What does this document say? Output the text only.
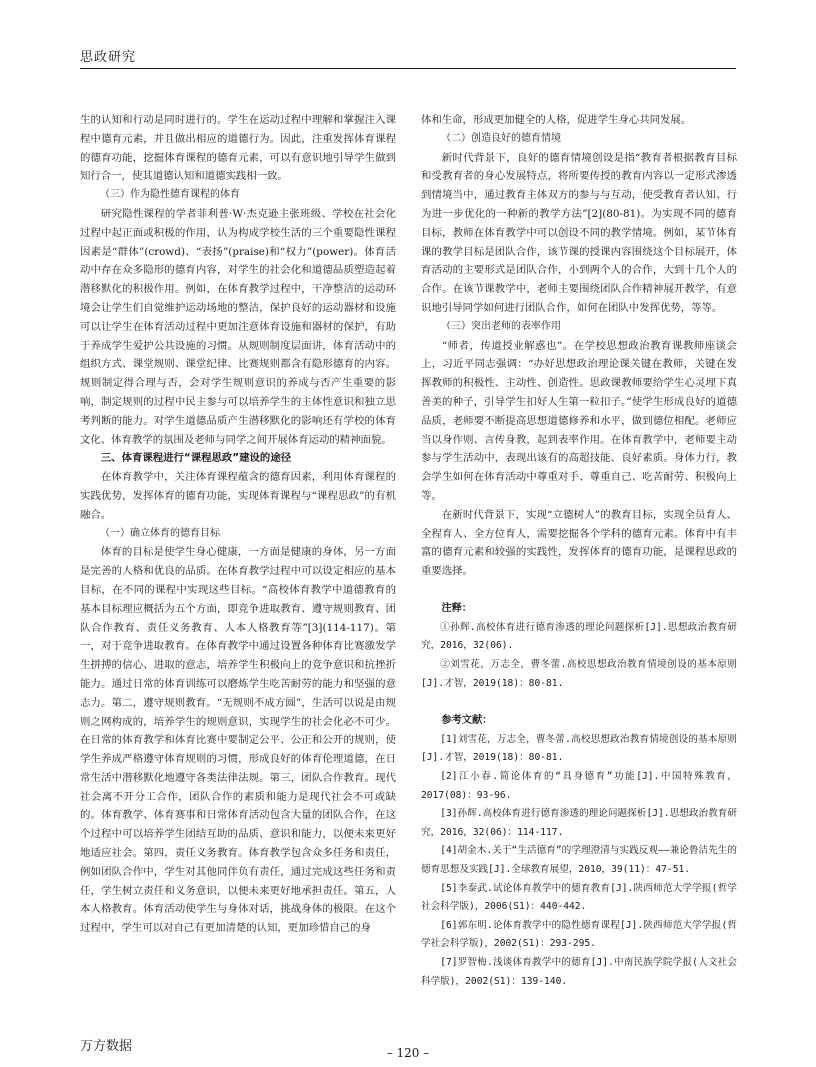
思政研究

生的认知和行动是同时进行的。学生在运动过程中理解和掌握注入课程中德育元素，并且做出相应的道德行为。因此，注重发挥体育课程的德育功能，挖掘体育课程的德育元素，可以有意识地引导学生做到知行合一，使其道德认知和道德实践相一致。

（三）作为隐性德育课程的体育

研究隐性课程的学者菲利普·W·杰克逊主张班级、学校在社会化过程中起正面或积极的作用，认为构成学校生活的三个重要隐性课程因素是“群体”(crowd)、“表扬”(praise)和“权力”(power)。体育活动中存在众多隐形的德育内容，对学生的社会化和道德品质塑造起着潜移默化的积极作用。例如，在体育教学过程中，干净整洁的运动环境会让学生们自觉维护运动场地的整洁，保护良好的运动器材和设施可以让学生在体育活动过程中更加注意体育设施和器材的保护，有助于养成学生爱护公共设施的习惯。从规则制度层面讲，体育活动中的组织方式、课堂规则、课堂纪律、比赛规则都含有隐形德育的内容。规则制定得合理与否，会对学生规则意识的养成与否产生重要的影响，制定规则的过程中民主参与可以培养学生的主体性意识和独立思考判断的能力。对学生道德品质产生潜移默化的影响还有学校的体育文化、体育教学的氛围及老师与同学之间开展体育运动的精神面貌。

三、体育课程进行“课程思政”建设的途径

在体育教学中，关注体育课程蕴含的德育因素，利用体育课程的实践优势，发挥体育的德育功能，实现体育课程与“课程思政”的有机融合。

（一）确立体育的德育目标

体育的目标是使学生身心健康，一方面是健康的身体，另一方面是完善的人格和优良的品质。在体育教学过程中可以设定相应的基本目标，在不同的课程中实现这些目标。“高校体育教学中道德教育的基本目标理应概括为五个方面，即竞争进取教育、遵守规则教育、团队合作教育、责任义务教育、人本人格教育等”[3](114-117)。第一，对于竞争进取教育。在体育教学中通过设置各种体育比赛激发学生拼搏的信心、进取的意志，培养学生积极向上的竞争意识和抗挫折能力。通过日常的体育训练可以磨炼学生吃苦耐劳的能力和坚强的意志力。第二，遵守规则教育。“无规则不成方圆”，生活可以说是由规则之网构成的，培养学生的规则意识，实现学生的社会化必不可少。在日常的体育教学和体育比赛中要制定公平、公正和公开的规则，使学生养成严格遵守体育规则的习惯，形成良好的体育伦理道德，在日常生活中潜移默化地遵守各类法律法规。第三，团队合作教育。现代社会离不开分工合作，团队合作的素质和能力是现代社会不可或缺的。体育教学、体育赛事和日常体育活动包含大量的团队合作，在这个过程中可以培养学生团结互助的品质、意识和能力，以便未来更好地适应社会。第四，责任义务教育。体育教学包含众多任务和责任，例如团队合作中，学生对其他同伴负有责任，通过完成这些任务和责任，学生树立责任和义务意识，以便未来更好地承担责任。第五，人本人格教育。体育活动使学生与身体对话，挑战身体的极限。在这个过程中，学生可以对自己有更加清楚的认知，更加珍惜自己的身

体和生命，形成更加健全的人格，促进学生身心共同发展。

（二）创造良好的德育情境

新时代背景下，良好的德育情境创设是指“教育者根据教育目标和受教育者的身心发展特点，将所要传授的教育内容以一定形式渗透到情境当中，通过教育主体双方的参与与互动，使受教育者认知、行为进一步优化的一种新的教学方法”[2](80-81)。为实现不同的德育目标，教师在体育教学中可以创设不同的教学情境。例如，某节体育课的教学目标是团队合作，该节课的授课内容围绕这个目标展开，体育活动的主要形式是团队合作，小到两个人的合作，大到十几个人的合作。在该节课教学中，老师主要围绕团队合作精神展开教学，有意识地引导同学如何进行团队合作，如何在团队中发挥优势，等等。

（三）突出老师的表率作用

“师者，传道授业解惑也”。在学校思想政治教育课教师座谈会上，习近平同志强调：“办好思想政治理论课关键在教师，关键在发挥教师的积极性、主动性、创造性。思政课教师要给学生心灵埋下真善美的种子，引导学生扣好人生第一粒扣子。”使学生形成良好的道德品质，老师要不断提高思想道德修养和水平，做到德位相配。老师应当以身作则、言传身教，起到表率作用。在体育教学中，老师要主动参与学生活动中，表现出该有的高超技能、良好素质。身体力行，教会学生如何在体育活动中尊重对手、尊重自己、吃苦耐劳、积极向上等。

在新时代背景下，实现“立德树人”的教育目标，实现全员育人、全程育人、全方位育人，需要挖掘各个学科的德育元素。体育中有丰富的德育元素和较强的实践性，发挥体育的德育功能，是课程思政的重要选择。

注释：

①孙辉.高校体育进行德育渗透的理论问题探析[J].思想政治教育研究，2016，32(06).

②刘雪花，万志全，曹冬蕾.高校思想政治教育情境创设的基本原则[J].才智，2019(18)：80-81.

参考文献：

[1]刘雪花，万志全，曹冬蕾.高校思想政治教育情境创设的基本原则[J].才智，2019(18)：80-81.

[2]江小春.简论体育的“具身德育”功能[J].中国特殊教育，2017(08)：93-96.

[3]孙辉.高校体育进行德育渗透的理论问题探析[J].思想政治教育研究，2016，32(06)：114-117.

[4]胡金木.关于“生活德育”的学理澄清与实践反观——兼论鲁洁先生的德育思想及实践[J].全球教育展望，2010，39(11)：47-51.

[5]李泰武.试论体育教学中的德育教育[J].陕西师范大学学报(哲学社会科学版)，2006(S1)：440-442.

[6]郭东明.论体育教学中的隐性德育课程[J].陕西师范大学学报(哲学社会科学版)，2002(S1)：293-295.

[7]罗智梅.浅谈体育教学中的德育[J].中南民族学院学报(人文社会科学版)，2002(S1)：139-140.

万方数据	– 120 –
